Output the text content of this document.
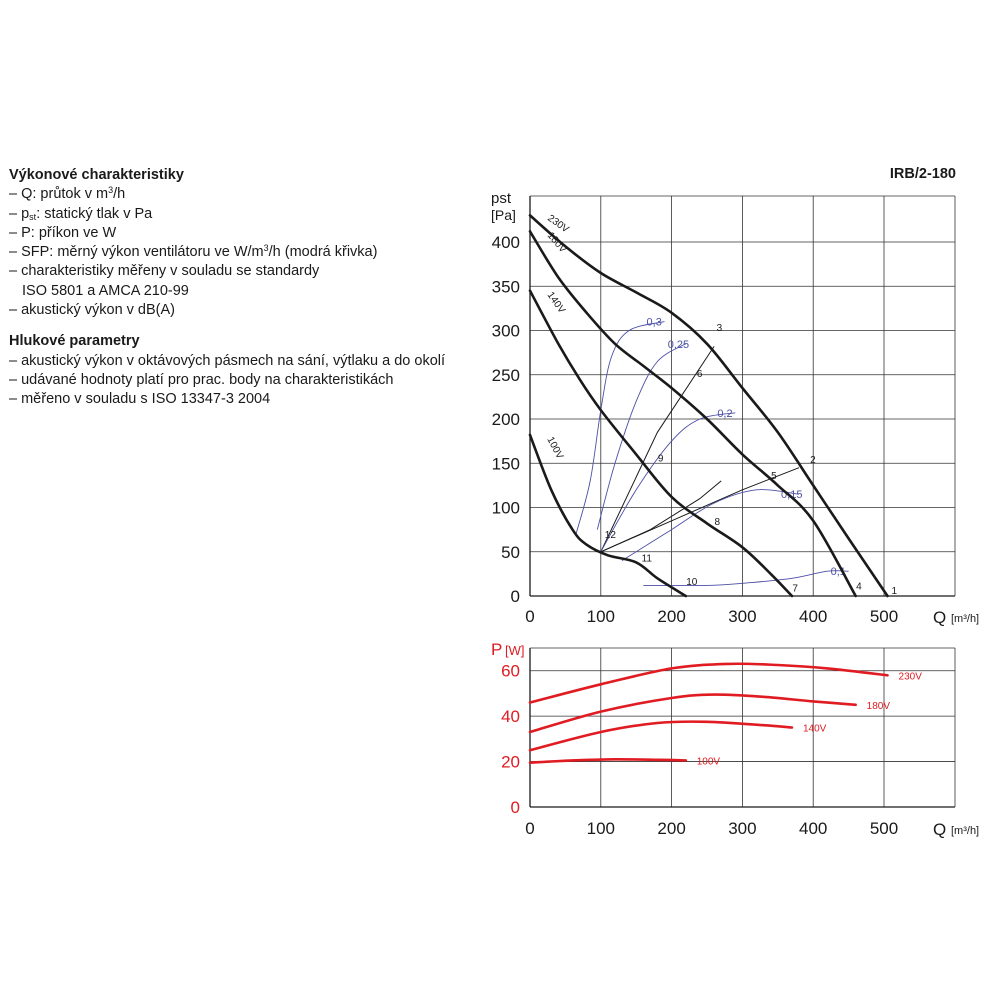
Výkonové charakteristiky
– Q: průtok v $m^3/h$
– pst: statický tlak v Pa
– P: příkon ve W
– SFP: měrný výkon ventilátoru ve $W/m^3/h$ (modrá křivka)
– charakteristiky měřeny v souladu se standardy
ISO 5801 a AMCA 210-99
– akustický výkon v dB(A)
Hlukové parametry
– akustický výkon v oktávových pásmech na sání, výtlaku a do okolí
– udávané hodnoty platí pro prac. body na charakteristikách
– měřeno v souladu s ISO 13347-3 2004
IRB/2-180
0
50
100
150
200
250
300
350
400
0	100 200 300 400 500
pst
[Pa]
Q [m³/h]
0,3
0,25
0,2
0,15
0,1
230V
180V
140V
100V
1
2
3
4
5
6
7
8
9
10
11
12
0
20
40
60
0	100 200 300 400 500
P [W]
Q [m³/h]
230V
180V
140V
100V
